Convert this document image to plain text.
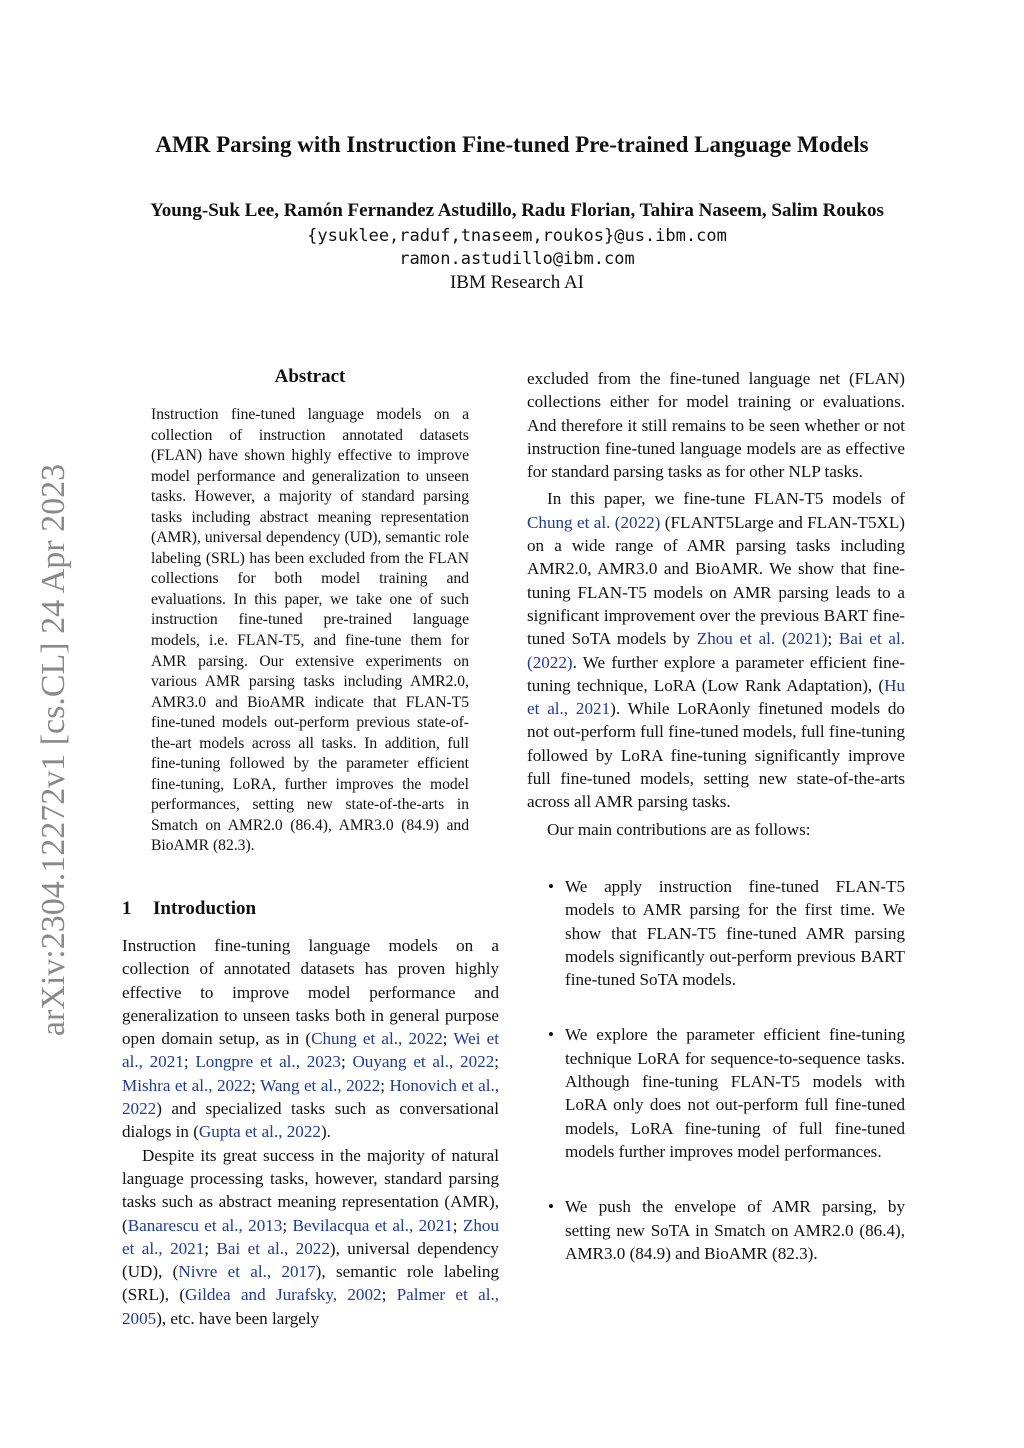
AMR Parsing with Instruction Fine-tuned Pre-trained Language Models
Young-Suk Lee, Ramón Fernandez Astudillo, Radu Florian, Tahira Naseem, Salim Roukos
{ysuklee,raduf,tnaseem,roukos}@us.ibm.com
ramon.astudillo@ibm.com
IBM Research AI
arXiv:2304.12272v1 [cs.CL] 24 Apr 2023
Abstract

Instruction fine-tuned language models on a collection of instruction annotated datasets (FLAN) have shown highly effective to improve model performance and generalization to unseen tasks. However, a majority of standard parsing tasks including abstract meaning representation (AMR), universal dependency (UD), semantic role labeling (SRL) has been excluded from the FLAN collections for both model training and evaluations. In this paper, we take one of such instruction fine-tuned pre-trained language models, i.e. FLAN-T5, and fine-tune them for AMR parsing. Our extensive experiments on various AMR parsing tasks including AMR2.0, AMR3.0 and BioAMR indicate that FLAN-T5 fine-tuned models out-perform previous state-of-the-art models across all tasks. In addition, full fine-tuning followed by the parameter efficient fine-tuning, LoRA, further improves the model performances, setting new state-of-the-arts in Smatch on AMR2.0 (86.4), AMR3.0 (84.9) and BioAMR (82.3).

1 Introduction

Instruction fine-tuning language models on a collection of annotated datasets has proven highly effective to improve model performance and generalization to unseen tasks both in general purpose open domain setup, as in (Chung et al., 2022; Wei et al., 2021; Longpre et al., 2023; Ouyang et al., 2022; Mishra et al., 2022; Wang et al., 2022; Honovich et al., 2022) and specialized tasks such as conversational dialogs in (Gupta et al., 2022).

Despite its great success in the majority of natural language processing tasks, however, standard parsing tasks such as abstract meaning representation (AMR), (Banarescu et al., 2013; Bevilacqua et al., 2021; Zhou et al., 2021; Bai et al., 2022), universal dependency (UD), (Nivre et al., 2017), semantic role labeling (SRL), (Gildea and Jurafsky, 2002; Palmer et al., 2005), etc. have been largely

excluded from the fine-tuned language net (FLAN) collections either for model training or evaluations. And therefore it still remains to be seen whether or not instruction fine-tuned language models are as effective for standard parsing tasks as for other NLP tasks.

In this paper, we fine-tune FLAN-T5 models of Chung et al. (2022) (FLANT5Large and FLAN-T5XL) on a wide range of AMR parsing tasks including AMR2.0, AMR3.0 and BioAMR. We show that fine-tuning FLAN-T5 models on AMR parsing leads to a significant improvement over the previous BART fine-tuned SoTA models by Zhou et al. (2021); Bai et al. (2022). We further explore a parameter efficient fine-tuning technique, LoRA (Low Rank Adaptation), (Hu et al., 2021). While LoRAonly finetuned models do not out-perform full fine-tuned models, full fine-tuning followed by LoRA fine-tuning significantly improve full fine-tuned models, setting new state-of-the-arts across all AMR parsing tasks.

Our main contributions are as follows:

• We apply instruction fine-tuned FLAN-T5 models to AMR parsing for the first time. We show that FLAN-T5 fine-tuned AMR parsing models significantly out-perform previous BART fine-tuned SoTA models.
• We explore the parameter efficient fine-tuning technique LoRA for sequence-to-sequence tasks. Although fine-tuning FLAN-T5 models with LoRA only does not out-perform full fine-tuned models, LoRA fine-tuning of full fine-tuned models further improves model performances.
• We push the envelope of AMR parsing, by setting new SoTA in Smatch on AMR2.0 (86.4), AMR3.0 (84.9) and BioAMR (82.3).
